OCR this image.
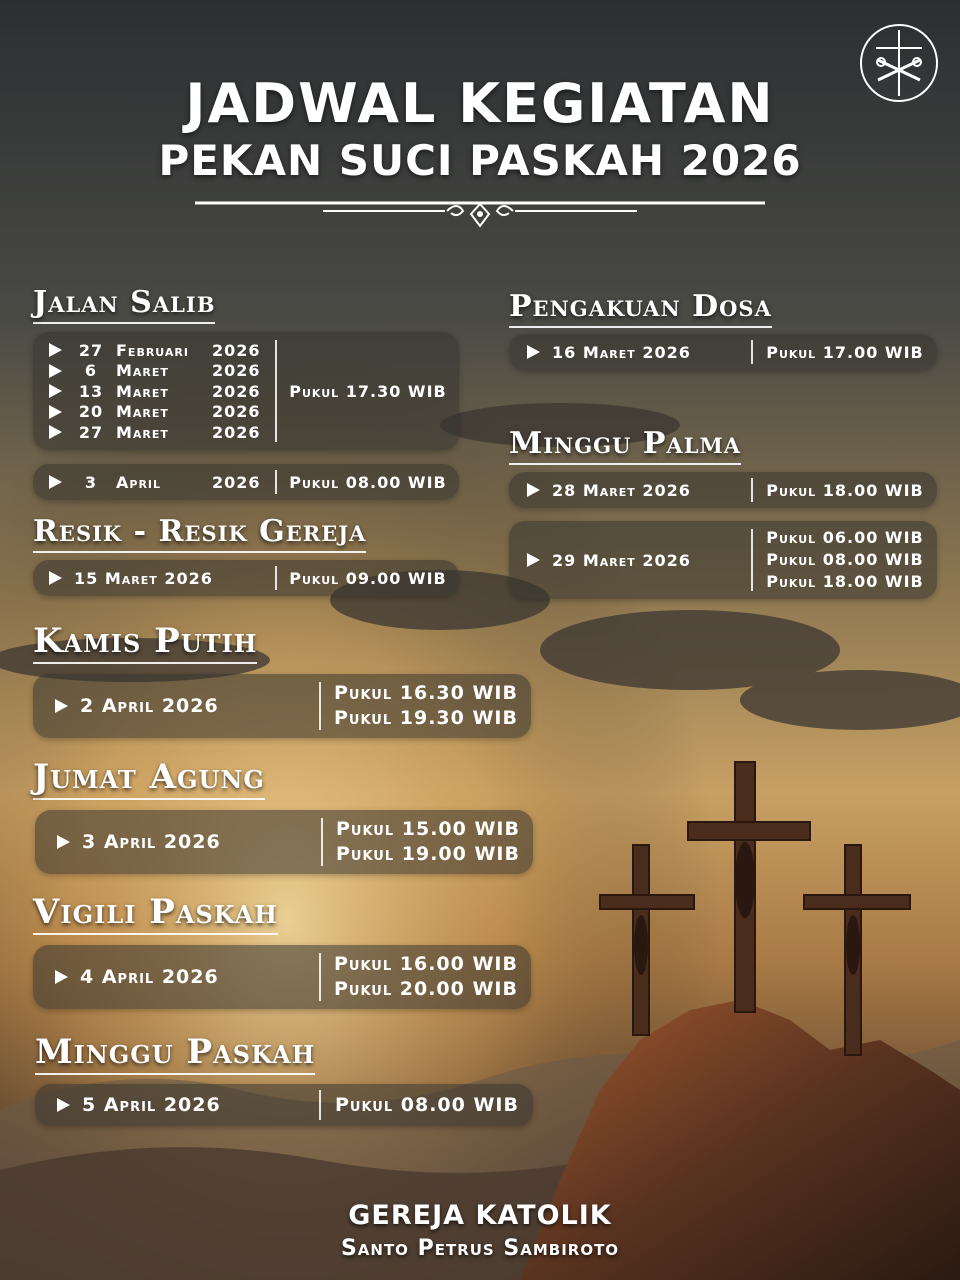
JADWAL KEGIATAN
PEKAN SUCI PASKAH 2026
Jalan Salib
27 Februari	2026
6	Maret	2026
13 Maret	2026
20 Maret	2026
27 Maret	2026
Pukul 17.30 WIB
3	April	2026	Pukul 08.00 WIB
Resik - Resik Gereja
15 Maret 2026	Pukul 09.00 WIB
Kamis Putih
2 April 2026
Pukul 16.30 WIB
Pukul 19.30 WIB
Jumat Agung
3 April 2026
Pukul 15.00 WIB
Pukul 19.00 WIB
Vigili Paskah
4 April 2026
Pukul 16.00 WIB
Pukul 20.00 WIB
Minggu Paskah
5 April 2026	Pukul 08.00 WIB
Pengakuan Dosa
16 Maret 2026	Pukul 17.00 WIB
Minggu Palma
28 Maret 2026	Pukul 18.00 WIB
29 Maret 2026
Pukul 06.00 WIB
Pukul 08.00 WIB
Pukul 18.00 WIB
GEREJA KATOLIK
Santo Petrus Sambiroto
